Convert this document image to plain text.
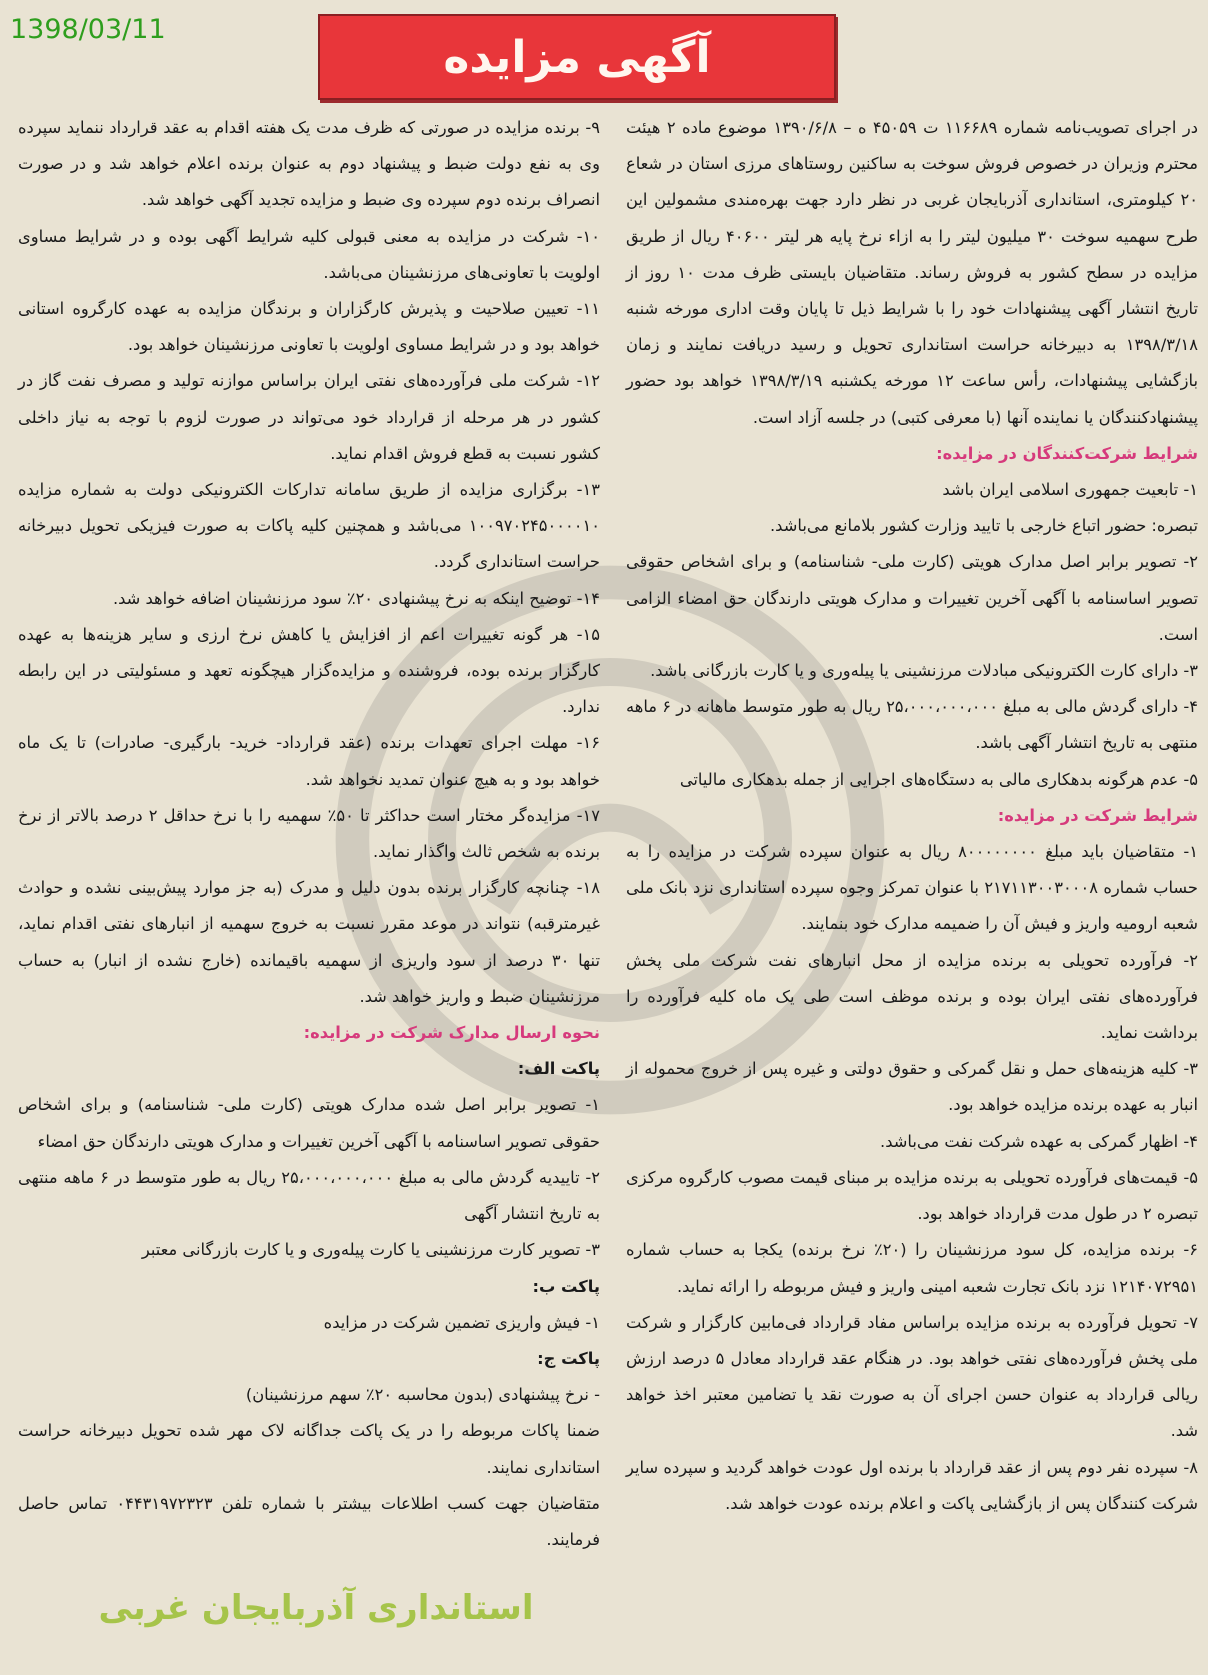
1398/03/11
آگهی مزایده

در اجرای تصویب‌نامه شماره ۱۱۶۶۸۹ ت ۴۵۰۵۹ ه – ۱۳۹۰/۶/۸ موضوع ماده ۲ هیئت محترم وزیران در خصوص فروش سوخت به ساکنین روستاهای مرزی استان در شعاع ۲۰ کیلومتری، استانداری آذربایجان غربی در نظر دارد جهت بهره‌مندی مشمولین این طرح سهمیه سوخت ۳۰ میلیون لیتر را به ازاء نرخ پایه هر لیتر ۴۰۶۰۰ ریال از طریق مزایده در سطح کشور به فروش رساند. متقاضیان بایستی ظرف مدت ۱۰ روز از تاریخ انتشار آگهی پیشنهادات خود را با شرایط ذیل تا پایان وقت اداری مورخه شنبه ۱۳۹۸/۳/۱۸ به دبیرخانه حراست استانداری تحویل و رسید دریافت نمایند و زمان بازگشایی پیشنهادات، رأس ساعت ۱۲ مورخه یکشنبه ۱۳۹۸/۳/۱۹ خواهد بود حضور پیشنهادکنندگان یا نماینده آنها (با معرفی کتبی) در جلسه آزاد است.

شرایط شرکت‌کنندگان در مزایده:

۱- تابعیت جمهوری اسلامی ایران باشد

تبصره: حضور اتباع خارجی با تایید وزارت کشور بلامانع می‌باشد.

۲- تصویر برابر اصل مدارک هویتی (کارت ملی- شناسنامه) و برای اشخاص حقوقی تصویر اساسنامه با آگهی آخرین تغییرات و مدارک هویتی دارندگان حق امضاء الزامی است.

۳- دارای کارت الکترونیکی مبادلات مرزنشینی یا پیله‌وری و یا کارت بازرگانی باشد.

۴- دارای گردش مالی به مبلغ ۲۵،۰۰۰،۰۰۰،۰۰۰ ریال به طور متوسط ماهانه در ۶ ماهه منتهی به تاریخ انتشار آگهی باشد.

۵- عدم هرگونه بدهکاری مالی به دستگاه‌های اجرایی از جمله بدهکاری مالیاتی

شرایط شرکت در مزایده:

۱- متقاضیان باید مبلغ ۸۰۰۰۰۰۰۰۰ ریال به عنوان سپرده شرکت در مزایده را به حساب شماره ۲۱۷۱۱۳۰۰۳۰۰۰۸ با عنوان تمرکز وجوه سپرده استانداری نزد بانک ملی شعبه ارومیه واریز و فیش آن را ضمیمه مدارک خود بنمایند.

۲- فرآورده تحویلی به برنده مزایده از محل انبارهای نفت شرکت ملی پخش فرآورده‌های نفتی ایران بوده و برنده موظف است طی یک ماه کلیه فرآورده را برداشت نماید.

۳- کلیه هزینه‌های حمل و نقل گمرکی و حقوق دولتی و غیره پس از خروج محموله از انبار به عهده برنده مزایده خواهد بود.

۴- اظهار گمرکی به عهده شرکت نفت می‌باشد.

۵- قیمت‌های فرآورده تحویلی به برنده مزایده بر مبنای قیمت مصوب کارگروه مرکزی تبصره ۲ در طول مدت قرارداد خواهد بود.

۶- برنده مزایده، کل سود مرزنشینان را (۲۰٪ نرخ برنده) یکجا به حساب شماره ۱۲۱۴۰۷۲۹۵۱ نزد بانک تجارت شعبه امینی واریز و فیش مربوطه را ارائه نماید.

۷- تحویل فرآورده به برنده مزایده براساس مفاد قرارداد فی‌مابین کارگزار و شرکت ملی پخش فرآورده‌های نفتی خواهد بود. در هنگام عقد قرارداد معادل ۵ درصد ارزش ریالی قرارداد به عنوان حسن اجرای آن به صورت نقد یا تضامین معتبر اخذ خواهد شد.

۸- سپرده نفر دوم پس از عقد قرارداد با برنده اول عودت خواهد گردید و سپرده سایر شرکت کنندگان پس از بازگشایی پاکت و اعلام برنده عودت خواهد شد.

۹- برنده مزایده در صورتی که ظرف مدت یک هفته اقدام به عقد قرارداد ننماید سپرده وی به نفع دولت ضبط و پیشنهاد دوم به عنوان برنده اعلام خواهد شد و در صورت انصراف برنده دوم سپرده وی ضبط و مزایده تجدید آگهی خواهد شد.

۱۰- شرکت در مزایده به معنی قبولی کلیه شرایط آگهی بوده و در شرایط مساوی اولویت با تعاونی‌های مرزنشینان می‌باشد.

۱۱- تعیین صلاحیت و پذیرش کارگزاران و برندگان مزایده به عهده کارگروه استانی خواهد بود و در شرایط مساوی اولویت با تعاونی مرزنشینان خواهد بود.

۱۲- شرکت ملی فرآورده‌های نفتی ایران براساس موازنه تولید و مصرف نفت گاز در کشور در هر مرحله از قرارداد خود می‌تواند در صورت لزوم با توجه به نیاز داخلی کشور نسبت به قطع فروش اقدام نماید.

۱۳- برگزاری مزایده از طریق سامانه تدارکات الکترونیکی دولت به شماره مزایده ۱۰۰۹۷۰۲۴۵۰۰۰۰۱۰ می‌باشد و همچنین کلیه پاکات به صورت فیزیکی تحویل دبیرخانه حراست استانداری گردد.

۱۴- توضیح اینکه به نرخ پیشنهادی ۲۰٪ سود مرزنشینان اضافه خواهد شد.

۱۵- هر گونه تغییرات اعم از افزایش یا کاهش نرخ ارزی و سایر هزینه‌ها به عهده کارگزار برنده بوده، فروشنده و مزایده‌گزار هیچگونه تعهد و مسئولیتی در این رابطه ندارد.

۱۶- مهلت اجرای تعهدات برنده (عقد قرارداد- خرید- بارگیری- صادرات) تا یک ماه خواهد بود و به هیچ عنوان تمدید نخواهد شد.

۱۷- مزایده‌گر مختار است حداکثر تا ۵۰٪ سهمیه را با نرخ حداقل ۲ درصد بالاتر از نرخ برنده به شخص ثالث واگذار نماید.

۱۸- چنانچه کارگزار برنده بدون دلیل و مدرک (به جز موارد پیش‌بینی نشده و حوادث غیرمترقبه) نتواند در موعد مقرر نسبت به خروج سهمیه از انبارهای نفتی اقدام نماید، تنها ۳۰ درصد از سود واریزی از سهمیه باقیمانده (خارج نشده از انبار) به حساب مرزنشینان ضبط و واریز خواهد شد.

نحوه ارسال مدارک شرکت در مزایده:

پاکت الف:

۱- تصویر برابر اصل شده مدارک هویتی (کارت ملی- شناسنامه) و برای اشخاص حقوقی تصویر اساسنامه با آگهی آخرین تغییرات و مدارک هویتی دارندگان حق امضاء

۲- تاییدیه گردش مالی به مبلغ ۲۵،۰۰۰،۰۰۰،۰۰۰ ریال به طور متوسط در ۶ ماهه منتهی به تاریخ انتشار آگهی

۳- تصویر کارت مرزنشینی یا کارت پیله‌وری و یا کارت بازرگانی معتبر

پاکت ب:

۱- فیش واریزی تضمین شرکت در مزایده

پاکت ج:

- نرخ پیشنهادی (بدون محاسبه ۲۰٪ سهم مرزنشینان)

ضمنا پاکات مربوطه را در یک پاکت جداگانه لاک مهر شده تحویل دبیرخانه حراست استانداری نمایند.

متقاضیان جهت کسب اطلاعات بیشتر با شماره تلفن ۰۴۴۳۱۹۷۲۳۲۳ تماس حاصل فرمایند.

استانداری آذربایجان غربی
